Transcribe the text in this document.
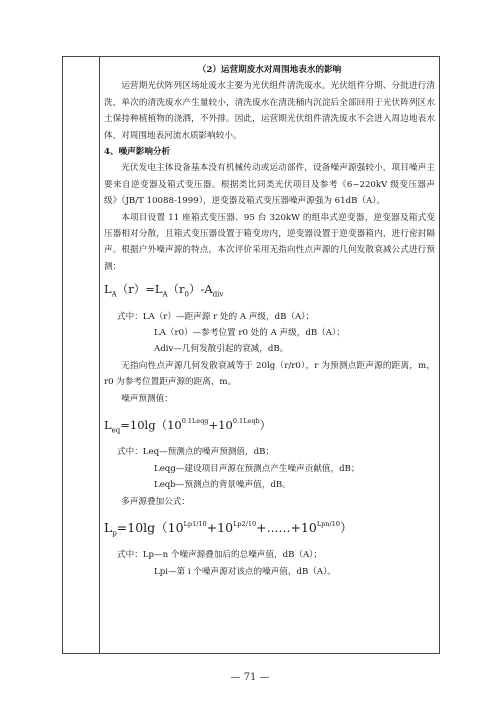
（2）运营期废水对周围地表水的影响

运营期光伏阵列区场址废水主要为光伏组件清洗废水。光伏组件分期、分批进行清洗，单次的清洗废水产生量较小，清洗废水在清洗桶内沉淀后全部回用于光伏阵列区水土保持种植植物的浇洒，不外排。因此，运营期光伏组件清洗废水不会进入周边地表水体，对周围地表河流水质影响较小。

4、噪声影响分析

光伏发电主体设备基本没有机械传动或运动部件，设备噪声源强较小，项目噪声主要来自逆变器及箱式变压器。根据类比同类光伏项目及参考《6~220kV 级变压器声级》（JB/T 10088-1999），逆变器及箱式变压器噪声源强为 61dB（A）。

本项目设置 11 座箱式变压器、95 台 320kW 的组串式逆变器，逆变器及箱式变压器相对分散，且箱式变压器设置于箱变房内，逆变器设置于逆变器箱内，进行密封隔声。根据户外噪声源的特点，本次评价采用无指向性点声源的几何发散衰减公式进行预测：

$L_A(r)=L_A(r_0)-A_{div}$

式中：LA（r）—距声源 r 处的 A 声级，dB（A）；

LA（r0）—参考位置 r0 处的 A 声级，dB（A）；

Adiv—几何发散引起的衰减，dB。

无指向性点声源几何发散衰减等于 20lg（r/r0），r 为预测点距声源的距离，m，r0 为参考位置距声源的距离，m。

噪声预测值：

$L_{eq}=10\lg(10^{0.1Leqg}+10^{0.1Leqb})$

式中：Leq—预测点的噪声预测值，dB；

Leqg—建设项目声源在预测点产生噪声贡献值，dB；

Leqb—预测点的背景噪声值，dB。

多声源叠加公式：

$L_p=10\lg(10^{Lp1/10}+10^{Lp2/10}+......+10^{Lpn/10})$

式中：Lp—n 个噪声源叠加后的总噪声值，dB（A）；

Lpi—第 i 个噪声源对该点的噪声值，dB（A）。

— 71 —
